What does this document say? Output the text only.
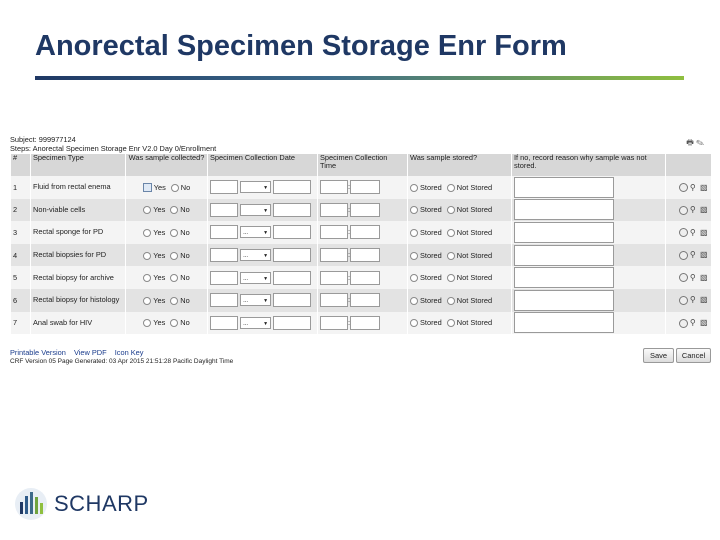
Anorectal Specimen Storage Enr Form
Subject: 999977124
Steps: Anorectal Specimen Storage Enr V2.0 Day 0/Enrollment
🖶 ✎
#	Specimen Type	Was sample collected?	Specimen Collection Date	Specimen Collection Time	Was sample stored?	If no, record reason why sample was not stored.	
1	Fluid from rectal enema	Yes No	▼	:	Stored Not Stored		⚲ ▧
2	Non-viable cells	Yes No	▼	:	Stored Not Stored		⚲ ▧
3	Rectal sponge for PD	Yes No	... ▼	:	Stored Not Stored		⚲ ▧
4	Rectal biopsies for PD	Yes No	... ▼	:	Stored Not Stored		⚲ ▧
5	Rectal biopsy for archive	Yes No	... ▼	:	Stored Not Stored		⚲ ▧
6	Rectal biopsy for histology	Yes No	... ▼	:	Stored Not Stored		⚲ ▧
7	Anal swab for HIV	Yes No	... ▼	:	Stored Not Stored		⚲ ▧
Printable Version View PDF Icon Key
CRF Version 05 Page Generated: 03 Apr 2015 21:51:28 Pacific Daylight Time
Save	Cancel
SCHARP
